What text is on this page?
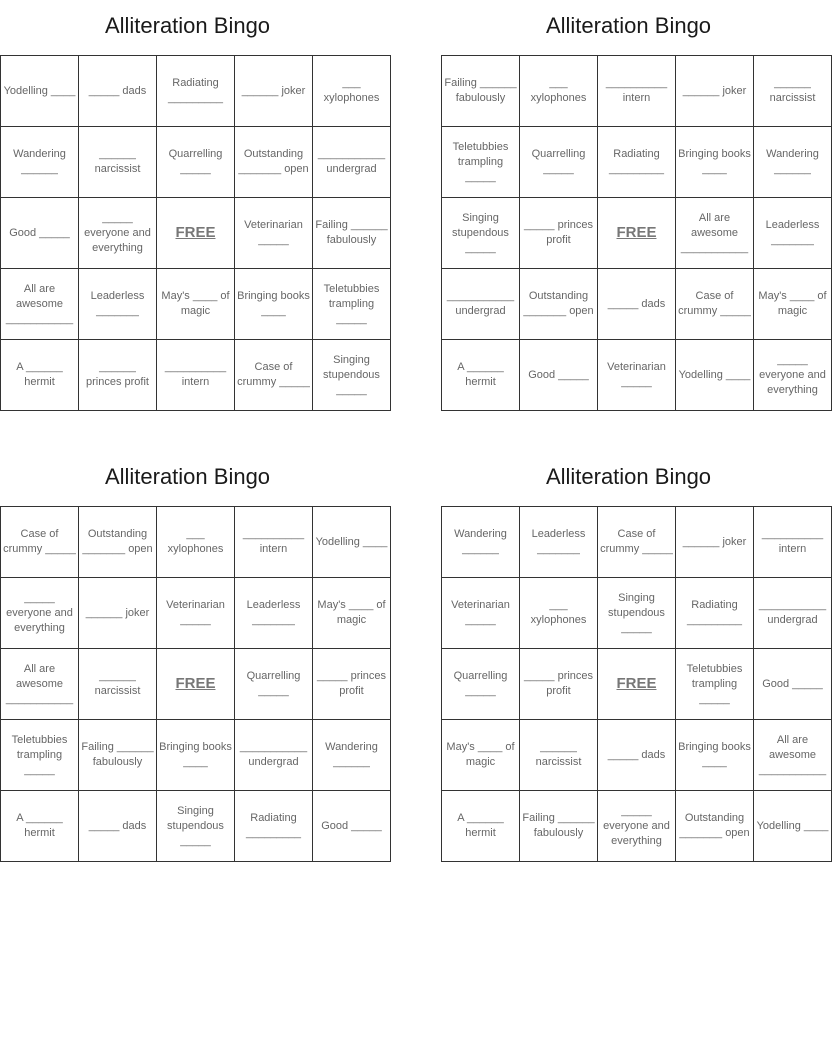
Alliteration Bingo
Yodelling ____	_____ dads	Radiating _________	______ joker	___ xylophones
Wandering ______	______ narcissist	Quarrelling _____	Outstanding _______ open	___________ undergrad
Good _____	_____ everyone and everything	FREE	Veterinarian _____	Failing ______ fabulously
All are awesome ___________	Leaderless _______	May's ____ of magic	Bringing books ____	Teletubbies trampling _____
A ______ hermit	______ princes profit	__________ intern	Case of crummy _____	Singing stupendous _____
Alliteration Bingo
Failing ______ fabulously	___ xylophones	__________ intern	______ joker	______ narcissist
Teletubbies trampling _____	Quarrelling _____	Radiating _________	Bringing books ____	Wandering ______
Singing stupendous _____	_____ princes profit	FREE	All are awesome ___________	Leaderless _______
___________ undergrad	Outstanding _______ open	_____ dads	Case of crummy _____	May's ____ of magic
A ______ hermit	Good _____	Veterinarian _____	Yodelling ____	_____ everyone and everything
Alliteration Bingo
Case of crummy _____	Outstanding _______ open	___ xylophones	__________ intern	Yodelling ____
_____ everyone and everything	______ joker	Veterinarian _____	Leaderless _______	May's ____ of magic
All are awesome ___________	______ narcissist	FREE	Quarrelling _____	_____ princes profit
Teletubbies trampling _____	Failing ______ fabulously	Bringing books ____	___________ undergrad	Wandering ______
A ______ hermit	_____ dads	Singing stupendous _____	Radiating _________	Good _____
Alliteration Bingo
Wandering ______	Leaderless _______	Case of crummy _____	______ joker	__________ intern
Veterinarian _____	___ xylophones	Singing stupendous _____	Radiating _________	___________ undergrad
Quarrelling _____	_____ princes profit	FREE	Teletubbies trampling _____	Good _____
May's ____ of magic	______ narcissist	_____ dads	Bringing books ____	All are awesome ___________
A ______ hermit	Failing ______ fabulously	_____ everyone and everything	Outstanding _______ open	Yodelling ____
